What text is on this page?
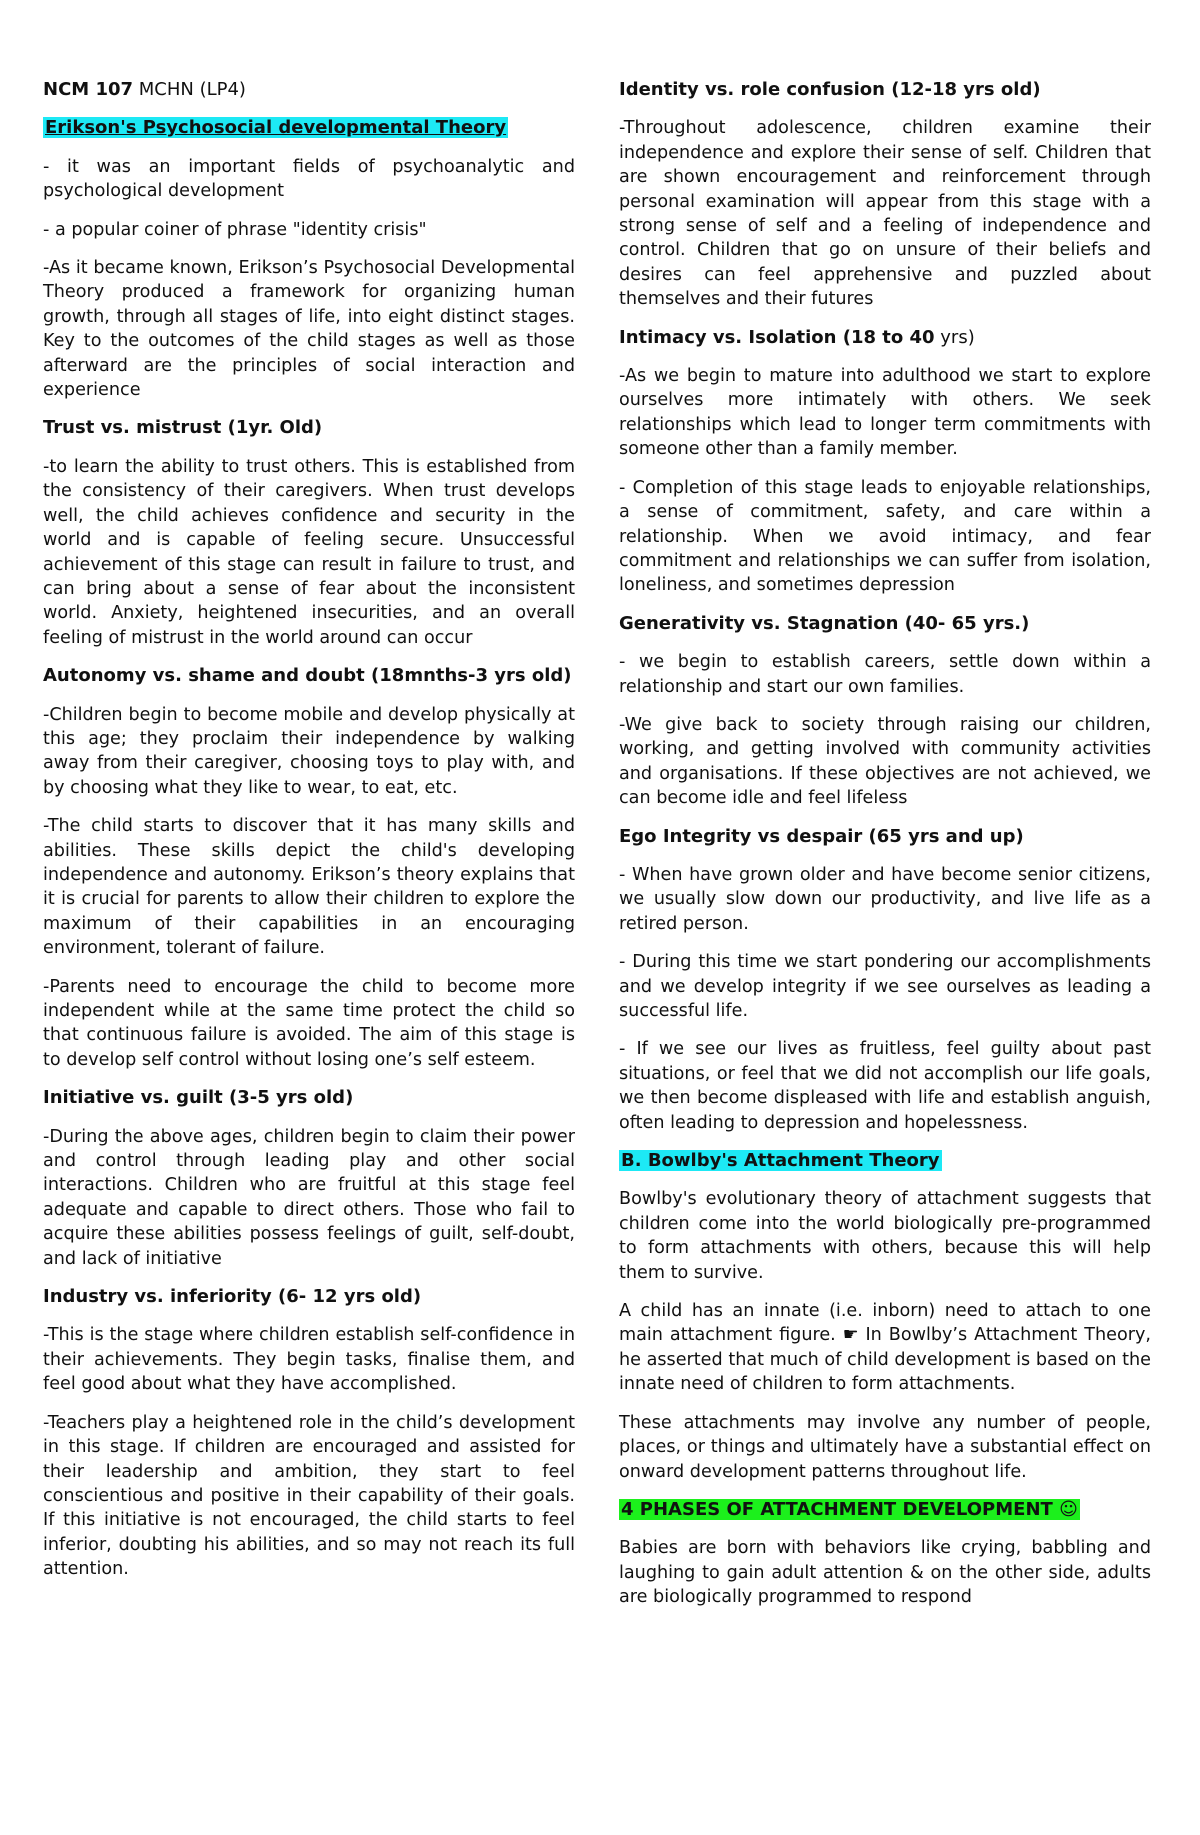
NCM 107 MCHN (LP4)
Erikson's Psychosocial developmental Theory

- it was an important fields of psychoanalytic and psychological development

- a popular coiner of phrase "identity crisis"

-As it became known, Erikson’s Psychosocial Developmental Theory produced a framework for organizing human growth, through all stages of life, into eight distinct stages. Key to the outcomes of the child stages as well as those afterward are the principles of social interaction and experience

Trust vs. mistrust (1yr. Old)

-to learn the ability to trust others. This is established from the consistency of their caregivers. When trust develops well, the child achieves confidence and security in the world and is capable of feeling secure. Unsuccessful achievement of this stage can result in failure to trust, and can bring about a sense of fear about the inconsistent world. Anxiety, heightened insecurities, and an overall feeling of mistrust in the world around can occur

Autonomy vs. shame and doubt (18mnths-3 yrs old)

-Children begin to become mobile and develop physically at this age; they proclaim their independence by walking away from their caregiver, choosing toys to play with, and by choosing what they like to wear, to eat, etc.

-The child starts to discover that it has many skills and abilities. These skills depict the child's developing independence and autonomy. Erikson’s theory explains that it is crucial for parents to allow their children to explore the maximum of their capabilities in an encouraging environment, tolerant of failure.

-Parents need to encourage the child to become more independent while at the same time protect the child so that continuous failure is avoided. The aim of this stage is to develop self control without losing one’s self esteem.

Initiative vs. guilt (3-5 yrs old)

-During the above ages, children begin to claim their power and control through leading play and other social interactions. Children who are fruitful at this stage feel adequate and capable to direct others. Those who fail to acquire these abilities possess feelings of guilt, self-doubt, and lack of initiative

Industry vs. inferiority (6- 12 yrs old)

-This is the stage where children establish self-confidence in their achievements. They begin tasks, finalise them, and feel good about what they have accomplished.

-Teachers play a heightened role in the child’s development in this stage. If children are encouraged and assisted for their leadership and ambition, they start to feel conscientious and positive in their capability of their goals. If this initiative is not encouraged, the child starts to feel inferior, doubting his abilities, and so may not reach its full attention.

Identity vs. role confusion (12-18 yrs old)

-Throughout adolescence, children examine their independence and explore their sense of self. Children that are shown encouragement and reinforcement through personal examination will appear from this stage with a strong sense of self and a feeling of independence and control. Children that go on unsure of their beliefs and desires can feel apprehensive and puzzled about themselves and their futures

Intimacy vs. Isolation (18 to 40 yrs)

-As we begin to mature into adulthood we start to explore ourselves more intimately with others. We seek relationships which lead to longer term commitments with someone other than a family member.

- Completion of this stage leads to enjoyable relationships, a sense of commitment, safety, and care within a relationship. When we avoid intimacy, and fear commitment and relationships we can suffer from isolation, loneliness, and sometimes depression

Generativity vs. Stagnation (40- 65 yrs.)

- we begin to establish careers, settle down within a relationship and start our own families.

-We give back to society through raising our children, working, and getting involved with community activities and organisations. If these objectives are not achieved, we can become idle and feel lifeless

Ego Integrity vs despair (65 yrs and up)

- When have grown older and have become senior citizens, we usually slow down our productivity, and live life as a retired person.

- During this time we start pondering our accomplishments and we develop integrity if we see ourselves as leading a successful life.

- If we see our lives as fruitless, feel guilty about past situations, or feel that we did not accomplish our life goals, we then become displeased with life and establish anguish, often leading to depression and hopelessness.

B. Bowlby's Attachment Theory

Bowlby's evolutionary theory of attachment suggests that children come into the world biologically pre-programmed to form attachments with others, because this will help them to survive.

A child has an innate (i.e. inborn) need to attach to one main attachment figure. ☛ In Bowlby’s Attachment Theory, he asserted that much of child development is based on the innate need of children to form attachments.

These attachments may involve any number of people, places, or things and ultimately have a substantial effect on onward development patterns throughout life.

4 PHASES OF ATTACHMENT DEVELOPMENT ☺

Babies are born with behaviors like crying, babbling and laughing to gain adult attention & on the other side, adults are biologically programmed to respond
